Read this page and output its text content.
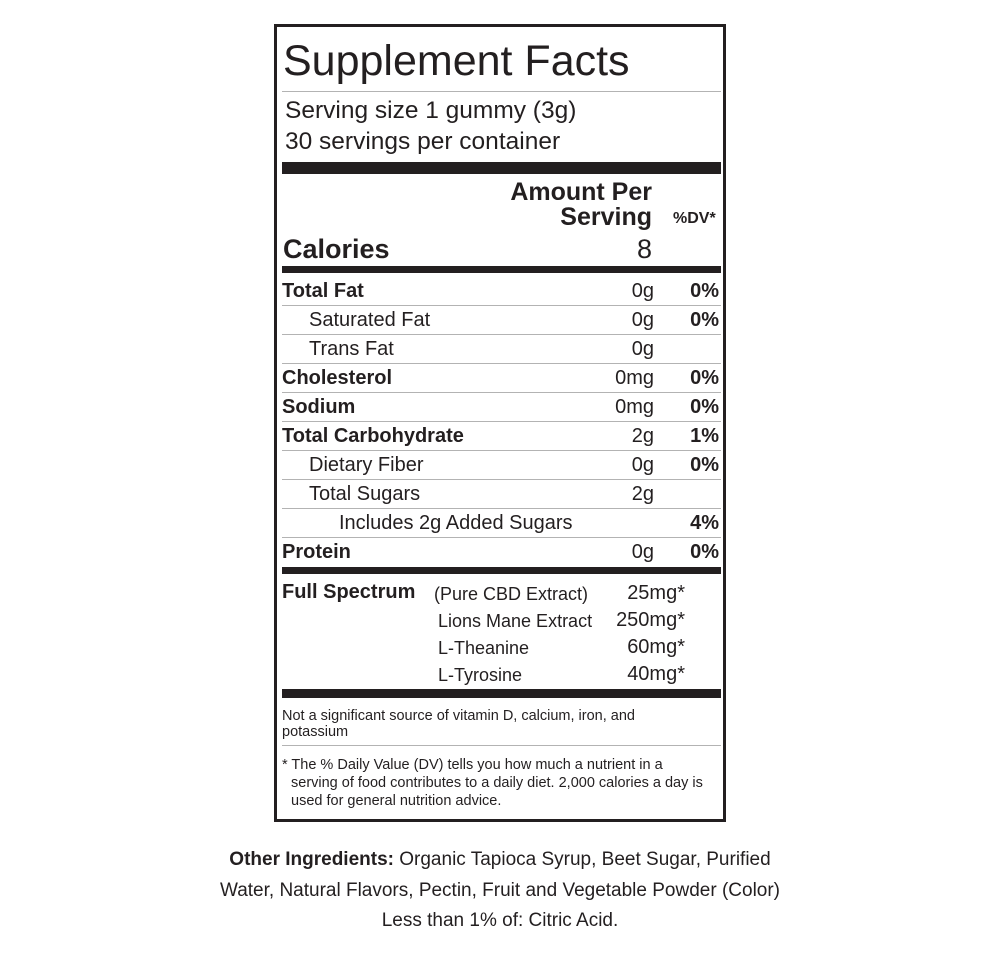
Supplement Facts
Serving size 1 gummy (3g)
30 servings per container
Amount Per
Serving %DV*
Calories	8
Total Fat	0g 0%
Saturated Fat	0g 0%
Trans Fat	0g
Cholesterol	0mg 0%
Sodium	0mg 0%
Total Carbohydrate	2g 1%
Dietary Fiber	0g 0%
Total Sugars	2g
Includes 2g Added Sugars	4%
Protein	0g 0%
Full Spectrum (Pure CBD Extract) 25mg*
Lions Mane Extract 250mg*
L-Theanine	60mg*
L-Tyrosine	40mg*
Not a significant source of vitamin D, calcium, iron, and potassium
* The % Daily Value (DV) tells you how much a nutrient in a serving of food contributes to a daily diet. 2,000 calories a day is used for general nutrition advice.
Other Ingredients: Organic Tapioca Syrup, Beet Sugar, Purified Water, Natural Flavors, Pectin, Fruit and Vegetable Powder (Color) Less than 1% of: Citric Acid.
